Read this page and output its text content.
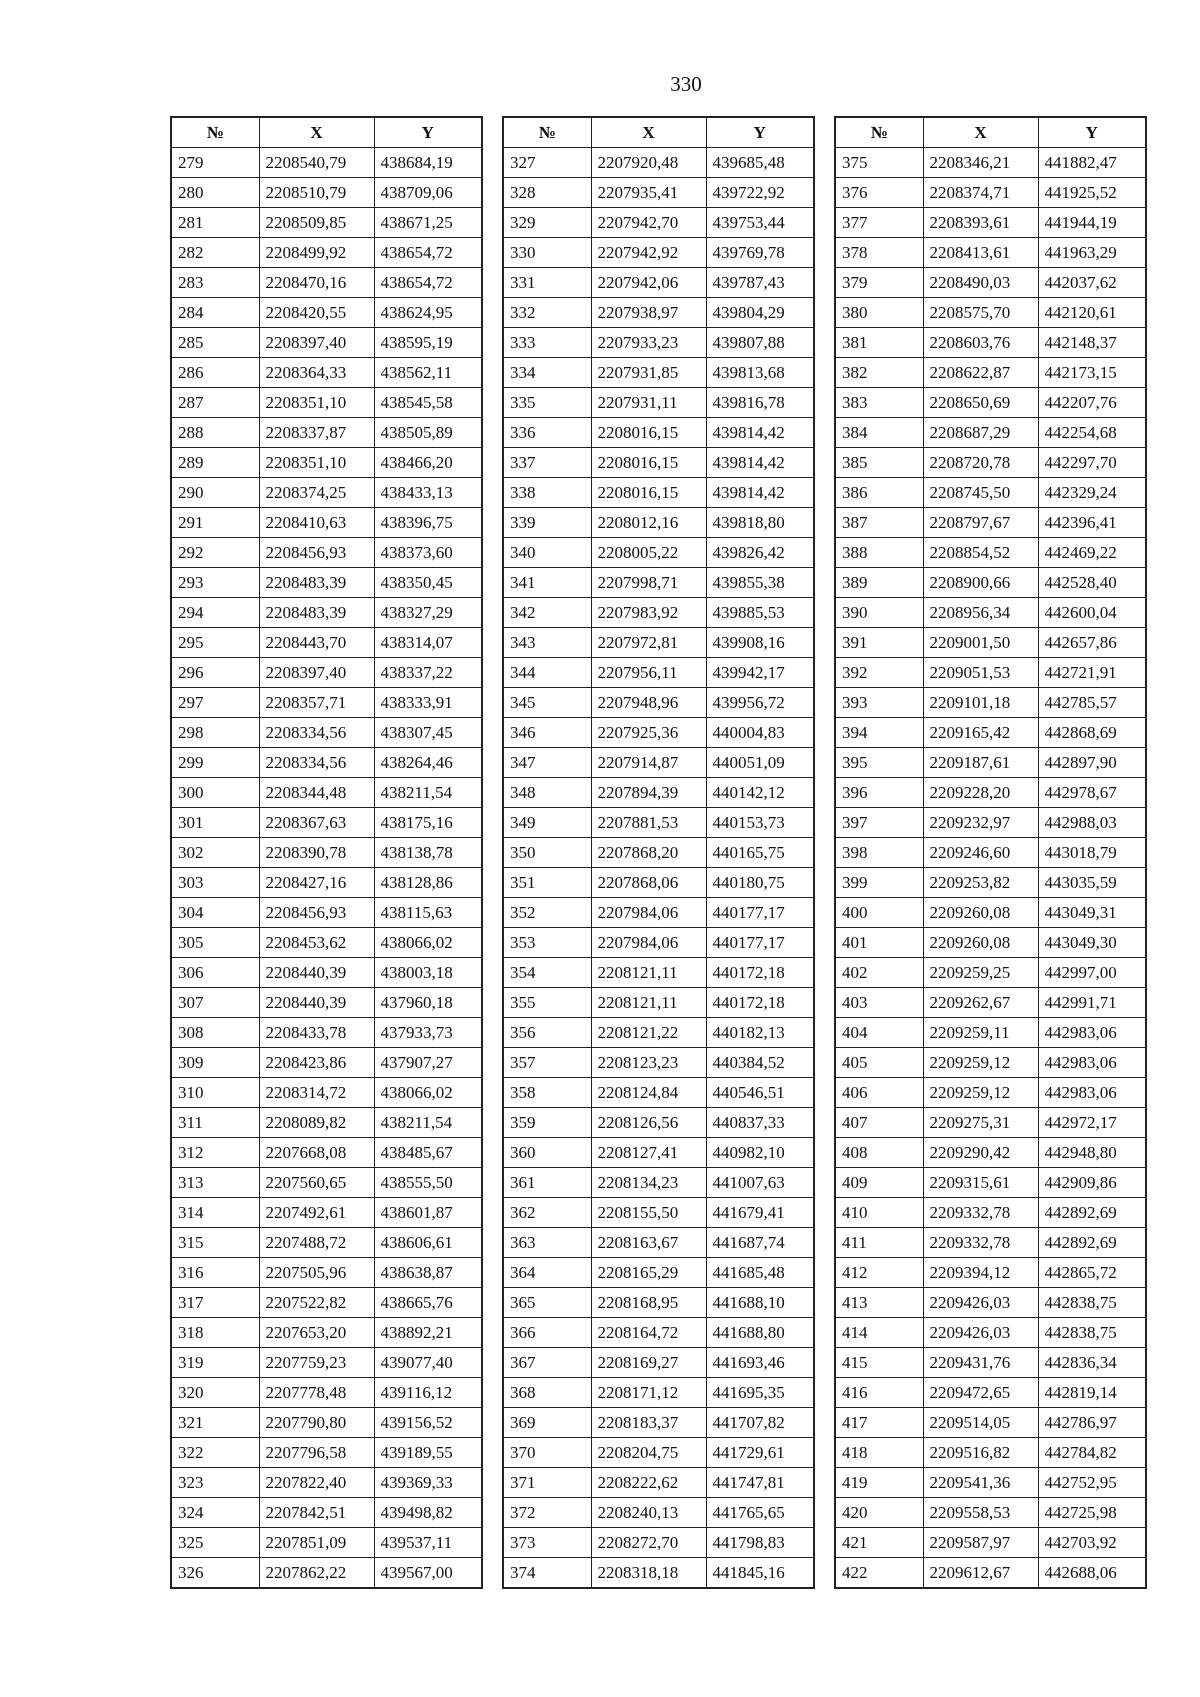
330
№	X	Y
279	2208540,79	438684,19
280	2208510,79	438709,06
281	2208509,85	438671,25
282	2208499,92	438654,72
283	2208470,16	438654,72
284	2208420,55	438624,95
285	2208397,40	438595,19
286	2208364,33	438562,11
287	2208351,10	438545,58
288	2208337,87	438505,89
289	2208351,10	438466,20
290	2208374,25	438433,13
291	2208410,63	438396,75
292	2208456,93	438373,60
293	2208483,39	438350,45
294	2208483,39	438327,29
295	2208443,70	438314,07
296	2208397,40	438337,22
297	2208357,71	438333,91
298	2208334,56	438307,45
299	2208334,56	438264,46
300	2208344,48	438211,54
301	2208367,63	438175,16
302	2208390,78	438138,78
303	2208427,16	438128,86
304	2208456,93	438115,63
305	2208453,62	438066,02
306	2208440,39	438003,18
307	2208440,39	437960,18
308	2208433,78	437933,73
309	2208423,86	437907,27
310	2208314,72	438066,02
311	2208089,82	438211,54
312	2207668,08	438485,67
313	2207560,65	438555,50
314	2207492,61	438601,87
315	2207488,72	438606,61
316	2207505,96	438638,87
317	2207522,82	438665,76
318	2207653,20	438892,21
319	2207759,23	439077,40
320	2207778,48	439116,12
321	2207790,80	439156,52
322	2207796,58	439189,55
323	2207822,40	439369,33
324	2207842,51	439498,82
325	2207851,09	439537,11
326	2207862,22	439567,00
№	X	Y
327	2207920,48	439685,48
328	2207935,41	439722,92
329	2207942,70	439753,44
330	2207942,92	439769,78
331	2207942,06	439787,43
332	2207938,97	439804,29
333	2207933,23	439807,88
334	2207931,85	439813,68
335	2207931,11	439816,78
336	2208016,15	439814,42
337	2208016,15	439814,42
338	2208016,15	439814,42
339	2208012,16	439818,80
340	2208005,22	439826,42
341	2207998,71	439855,38
342	2207983,92	439885,53
343	2207972,81	439908,16
344	2207956,11	439942,17
345	2207948,96	439956,72
346	2207925,36	440004,83
347	2207914,87	440051,09
348	2207894,39	440142,12
349	2207881,53	440153,73
350	2207868,20	440165,75
351	2207868,06	440180,75
352	2207984,06	440177,17
353	2207984,06	440177,17
354	2208121,11	440172,18
355	2208121,11	440172,18
356	2208121,22	440182,13
357	2208123,23	440384,52
358	2208124,84	440546,51
359	2208126,56	440837,33
360	2208127,41	440982,10
361	2208134,23	441007,63
362	2208155,50	441679,41
363	2208163,67	441687,74
364	2208165,29	441685,48
365	2208168,95	441688,10
366	2208164,72	441688,80
367	2208169,27	441693,46
368	2208171,12	441695,35
369	2208183,37	441707,82
370	2208204,75	441729,61
371	2208222,62	441747,81
372	2208240,13	441765,65
373	2208272,70	441798,83
374	2208318,18	441845,16
№	X	Y
375	2208346,21	441882,47
376	2208374,71	441925,52
377	2208393,61	441944,19
378	2208413,61	441963,29
379	2208490,03	442037,62
380	2208575,70	442120,61
381	2208603,76	442148,37
382	2208622,87	442173,15
383	2208650,69	442207,76
384	2208687,29	442254,68
385	2208720,78	442297,70
386	2208745,50	442329,24
387	2208797,67	442396,41
388	2208854,52	442469,22
389	2208900,66	442528,40
390	2208956,34	442600,04
391	2209001,50	442657,86
392	2209051,53	442721,91
393	2209101,18	442785,57
394	2209165,42	442868,69
395	2209187,61	442897,90
396	2209228,20	442978,67
397	2209232,97	442988,03
398	2209246,60	443018,79
399	2209253,82	443035,59
400	2209260,08	443049,31
401	2209260,08	443049,30
402	2209259,25	442997,00
403	2209262,67	442991,71
404	2209259,11	442983,06
405	2209259,12	442983,06
406	2209259,12	442983,06
407	2209275,31	442972,17
408	2209290,42	442948,80
409	2209315,61	442909,86
410	2209332,78	442892,69
411	2209332,78	442892,69
412	2209394,12	442865,72
413	2209426,03	442838,75
414	2209426,03	442838,75
415	2209431,76	442836,34
416	2209472,65	442819,14
417	2209514,05	442786,97
418	2209516,82	442784,82
419	2209541,36	442752,95
420	2209558,53	442725,98
421	2209587,97	442703,92
422	2209612,67	442688,06
